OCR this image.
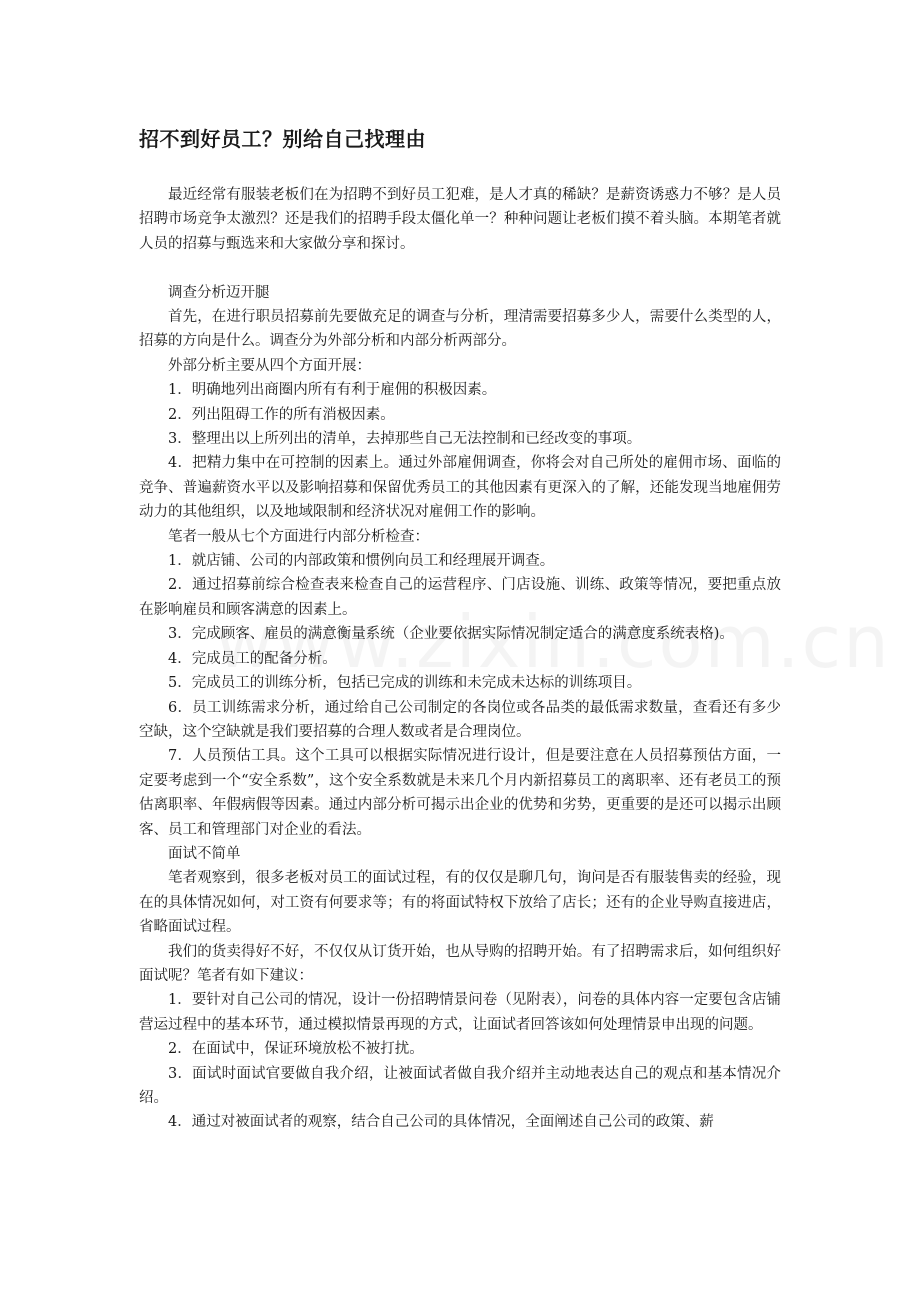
招不到好员工？别给自己找理由

最近经常有服装老板们在为招聘不到好员工犯难，是人才真的稀缺？是薪资诱惑力不够？是人员招聘市场竞争太激烈？还是我们的招聘手段太僵化单一？种种问题让老板们摸不着头脑。本期笔者就人员的招募与甄选来和大家做分享和探讨。

调查分析迈开腿

首先，在进行职员招募前先要做充足的调查与分析，理清需要招募多少人，需要什么类型的人，招募的方向是什么。调查分为外部分析和内部分析两部分。

外部分析主要从四个方面开展：

1．明确地列出商圈内所有有利于雇佣的积极因素。

2．列出阻碍工作的所有消极因素。

3．整理出以上所列出的清单，去掉那些自己无法控制和已经改变的事项。

4．把精力集中在可控制的因素上。通过外部雇佣调查，你将会对自己所处的雇佣市场、面临的竞争、普遍薪资水平以及影响招募和保留优秀员工的其他因素有更深入的了解，还能发现当地雇佣劳动力的其他组织，以及地域限制和经济状况对雇佣工作的影响。

笔者一般从七个方面进行内部分析检查：

1．就店铺、公司的内部政策和惯例向员工和经理展开调查。

2．通过招募前综合检查表来检查自己的运营程序、门店设施、训练、政策等情况，要把重点放在影响雇员和顾客满意的因素上。

3．完成顾客、雇员的满意衡量系统（企业要依据实际情况制定适合的满意度系统表格)。

4．完成员工的配备分析。

5．完成员工的训练分析，包括已完成的训练和未完成未达标的训练项目。

6．员工训练需求分析，通过给自己公司制定的各岗位或各品类的最低需求数量，查看还有多少空缺，这个空缺就是我们要招募的合理人数或者是合理岗位。

7．人员预估工具。这个工具可以根据实际情况进行设计，但是要注意在人员招募预估方面，一定要考虑到一个“安全系数”，这个安全系数就是未来几个月内新招募员工的离职率、还有老员工的预估离职率、年假病假等因素。通过内部分析可揭示出企业的优势和劣势，更重要的是还可以揭示出顾客、员工和管理部门对企业的看法。

面试不简单

笔者观察到，很多老板对员工的面试过程，有的仅仅是聊几句，询问是否有服装售卖的经验，现在的具体情况如何，对工资有何要求等；有的将面试特权下放给了店长；还有的企业导购直接进店，省略面试过程。

我们的货卖得好不好，不仅仅从订货开始，也从导购的招聘开始。有了招聘需求后，如何组织好面试呢？笔者有如下建议：

1．要针对自己公司的情况，设计一份招聘情景问卷（见附表），问卷的具体内容一定要包含店铺营运过程中的基本环节，通过模拟情景再现的方式，让面试者回答该如何处理情景申出现的问题。

2．在面试中，保证环境放松不被打扰。

3．面试时面试官要做自我介绍，让被面试者做自我介绍并主动地表达自己的观点和基本情况介绍。

4．通过对被面试者的观察，结合自己公司的具体情况，全面阐述自己公司的政策、薪
